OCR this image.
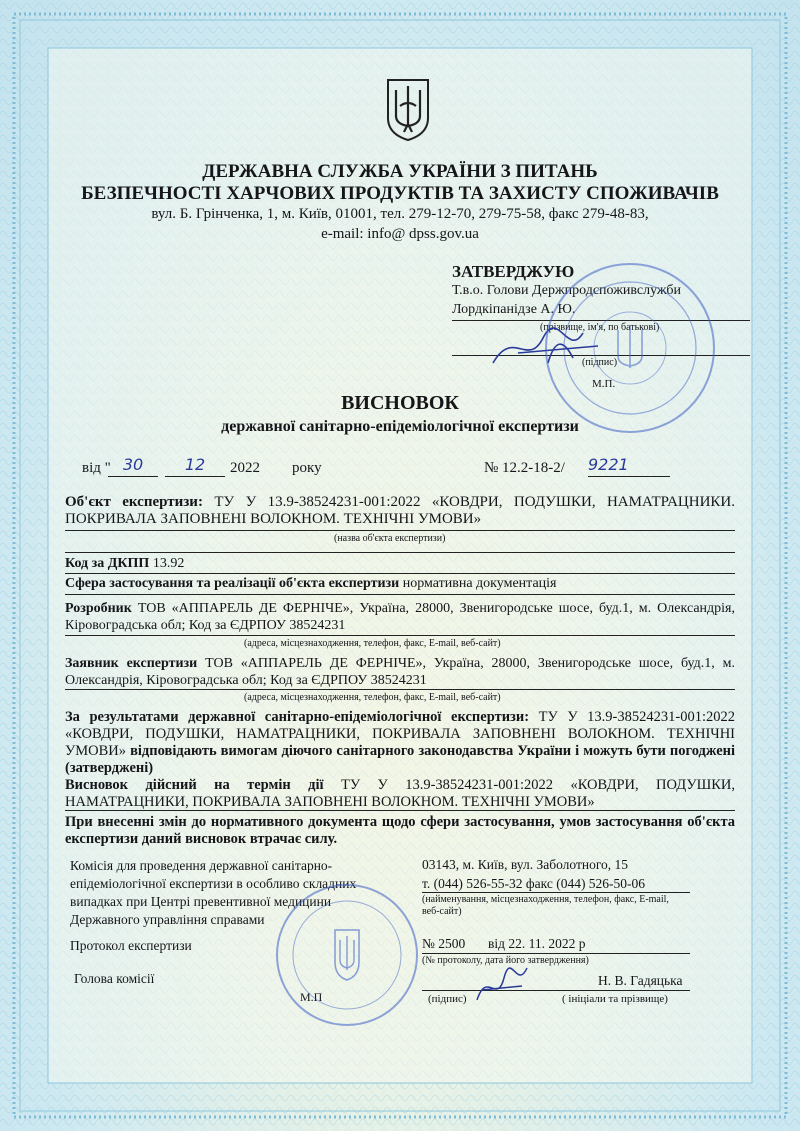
ДЕРЖАВНА СЛУЖБА УКРАЇНИ З ПИТАНЬ
БЕЗПЕЧНОСТІ ХАРЧОВИХ ПРОДУКТІВ ТА ЗАХИСТУ СПОЖИВАЧІВ
вул. Б. Грінченка, 1, м. Київ, 01001, тел. 279-12-70, 279-75-58, факс 279-48-83,
e-mail: info@ dpss.gov.ua
ЗАТВЕРДЖУЮ
Т.в.о. Голови Держпродспоживслужби
Лордкіпанідзе А. Ю.
(прізвище, ім'я, по батькові)
(підпис)
М.П.
ВИСНОВОК
державної санітарно-епідеміологічної експертизи
від " 30	12	2022 року	№ 12.2-18-2/ 9221
Об'єкт експертизи: ТУ У 13.9-38524231-001:2022 «КОВДРИ, ПОДУШКИ, НАМАТРАЦНИКИ. ПОКРИВАЛА ЗАПОВНЕНІ ВОЛОКНОМ. ТЕХНІЧНІ УМОВИ»
(назва об'єкта експертизи)
Код за ДКПП 13.92
Сфера застосування та реалізації об'єкта експертизи нормативна документація
Розробник ТОВ «АППАРЕЛЬ ДЕ ФЕРНІЧЕ», Україна, 28000, Звенигородське шосе, буд.1, м. Олександрія, Кіровоградська обл; Код за ЄДРПОУ 38524231
(адреса, місцезнаходження, телефон, факс, E-mail, веб-сайт)
Заявник експертизи ТОВ «АППАРЕЛЬ ДЕ ФЕРНІЧЕ», Україна, 28000, Звенигородське шосе, буд.1, м. Олександрія, Кіровоградська обл; Код за ЄДРПОУ 38524231
(адреса, місцезнаходження, телефон, факс, E-mail, веб-сайт)
За результатами державної санітарно-епідеміологічної експертизи: ТУ У 13.9-38524231-001:2022 «КОВДРИ, ПОДУШКИ, НАМАТРАЦНИКИ, ПОКРИВАЛА ЗАПОВНЕНІ ВОЛОКНОМ. ТЕХНІЧНІ УМОВИ» відповідають вимогам діючого санітарного законодавства України і можуть бути погоджені (затверджені)
Висновок дійсний на термін дії ТУ У 13.9-38524231-001:2022 «КОВДРИ, ПОДУШКИ, НАМАТРАЦНИКИ, ПОКРИВАЛА ЗАПОВНЕНІ ВОЛОКНОМ. ТЕХНІЧНІ УМОВИ»
При внесенні змін до нормативного документа щодо сфери застосування, умов застосування об'єкта експертизи даний висновок втрачає силу.
Комісія для проведення державної санітарно-
епідеміологічної експертизи в особливо складних
випадках при Центрі превентивної медицини
Державного управління справами
03143, м. Київ, вул. Заболотного, 15
т. (044) 526-55-32 факс (044) 526-50-06
(найменування, місцезнаходження, телефон, факс, E-mail,
веб-сайт)
Протокол експертизи	№ 2500 від 22. 11. 2022 р
(№ протоколу, дата його затвердження)
Голова комісії	Н. В. Гадяцька
(підпис)	( ініціали та прізвище)
М.П
